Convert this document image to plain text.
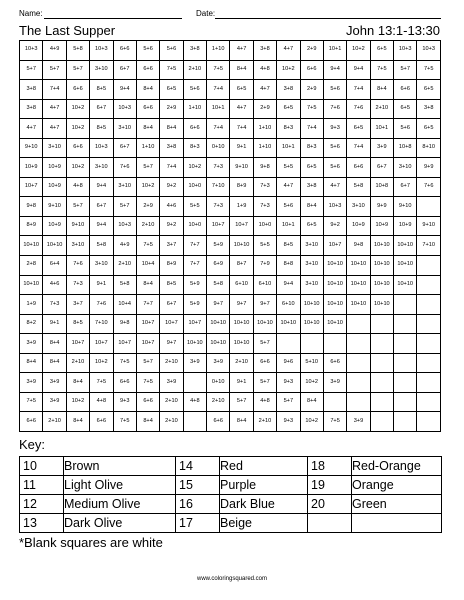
Name:	Date:
The Last Supper	John 13:1-13:30
10+3	4+9	5+8	10+3	6+6	5+6	5+6	3+8	1+10	4+7	3+8	4+7	2+9	10+1	10+2	6+5	10+3	10+3
5+7	5+7	5+7	3+10	6+7	6+6	7+5	2+10	7+5	8+4	4+8	10+2	6+6	9+4	9+4	7+5	5+7	7+5
3+8	7+4	6+6	8+5	9+4	8+4	6+5	5+6	7+4	6+5	4+7	3+8	2+9	5+6	7+4	8+4	6+6	6+5
3+8	4+7	10+2	6+7	10+3	6+6	2+9	1+10	10+1	4+7	2+9	6+5	7+5	7+6	7+6	2+10	6+5	3+8
4+7	4+7	10+2	8+5	3+10	8+4	8+4	6+6	7+4	7+4	1+10	8+3	7+4	9+3	6+5	10+1	5+6	6+5
9+10	3+10	6+6	10+3	6+7	1+10	3+8	8+3	0+10	9+1	1+10	10+1	8+3	5+6	7+4	3+9	10+8	8+10
10+9	10+9	10+2	3+10	7+6	5+7	7+4	10+2	7+3	9+10	9+8	5+5	6+5	5+6	6+6	6+7	3+10	9+9
10+7	10+9	4+8	9+4	3+10	10+2	9+2	10+0	7+10	8+9	7+3	4+7	3+8	4+7	5+8	10+8	6+7	7+6
9+8	9+10	5+7	6+7	5+7	2+9	4+6	5+5	7+3	1+9	7+3	5+6	8+4	10+3	3+10	9+9	9+10	
8+9	10+9	9+10	9+4	10+3	2+10	9+2	10+0	10+7	10+7	10+0	10+1	6+5	9+2	10+9	10+9	10+9	9+10
10+10	10+10	3+10	5+8	4+9	7+5	3+7	7+7	5+9	10+10	5+5	8+5	3+10	10+7	9+8	10+10	10+10	7+10
2+8	6+4	7+6	3+10	2+10	10+4	8+9	7+7	6+9	8+7	7+9	8+8	3+10	10+10	10+10	10+10	10+10	
10+10	4+6	7+3	9+1	5+8	8+4	8+5	5+9	5+8	6+10	6+10	9+4	3+10	10+10	10+10	10+10	10+10	
1+9	7+3	3+7	7+6	10+4	7+7	6+7	5+9	9+7	9+7	9+7	6+10	10+10	10+10	10+10	10+10		
8+2	9+1	8+5	7+10	9+8	10+7	10+7	10+7	10+10	10+10	10+10	10+10	10+10	10+10				
3+9	8+4	10+7	10+7	10+7	10+7	9+7	10+10	10+10	10+10	5+7							
8+4	8+4	2+10	10+2	7+5	5+7	2+10	3+9	3+9	2+10	6+6	9+6	5+10	6+6				
3+9	3+9	8+4	7+5	6+6	7+5	3+9		0+10	9+1	5+7	9+3	10+2	3+9				
7+5	3+9	10+2	4+8	9+3	6+6	2+10	4+8	2+10	5+7	4+8	5+7	8+4					
6+6	2+10	8+4	6+6	7+5	8+4	2+10		6+6	8+4	2+10	9+3	10+2	7+5	3+9			
Key:
10	Brown	14	Red	18	Red-Orange
11	Light Olive	15	Purple	19	Orange
12	Medium Olive	16	Dark Blue	20	Green
13	Dark Olive	17	Beige		
*Blank squares are white
www.coloringsquared.com
